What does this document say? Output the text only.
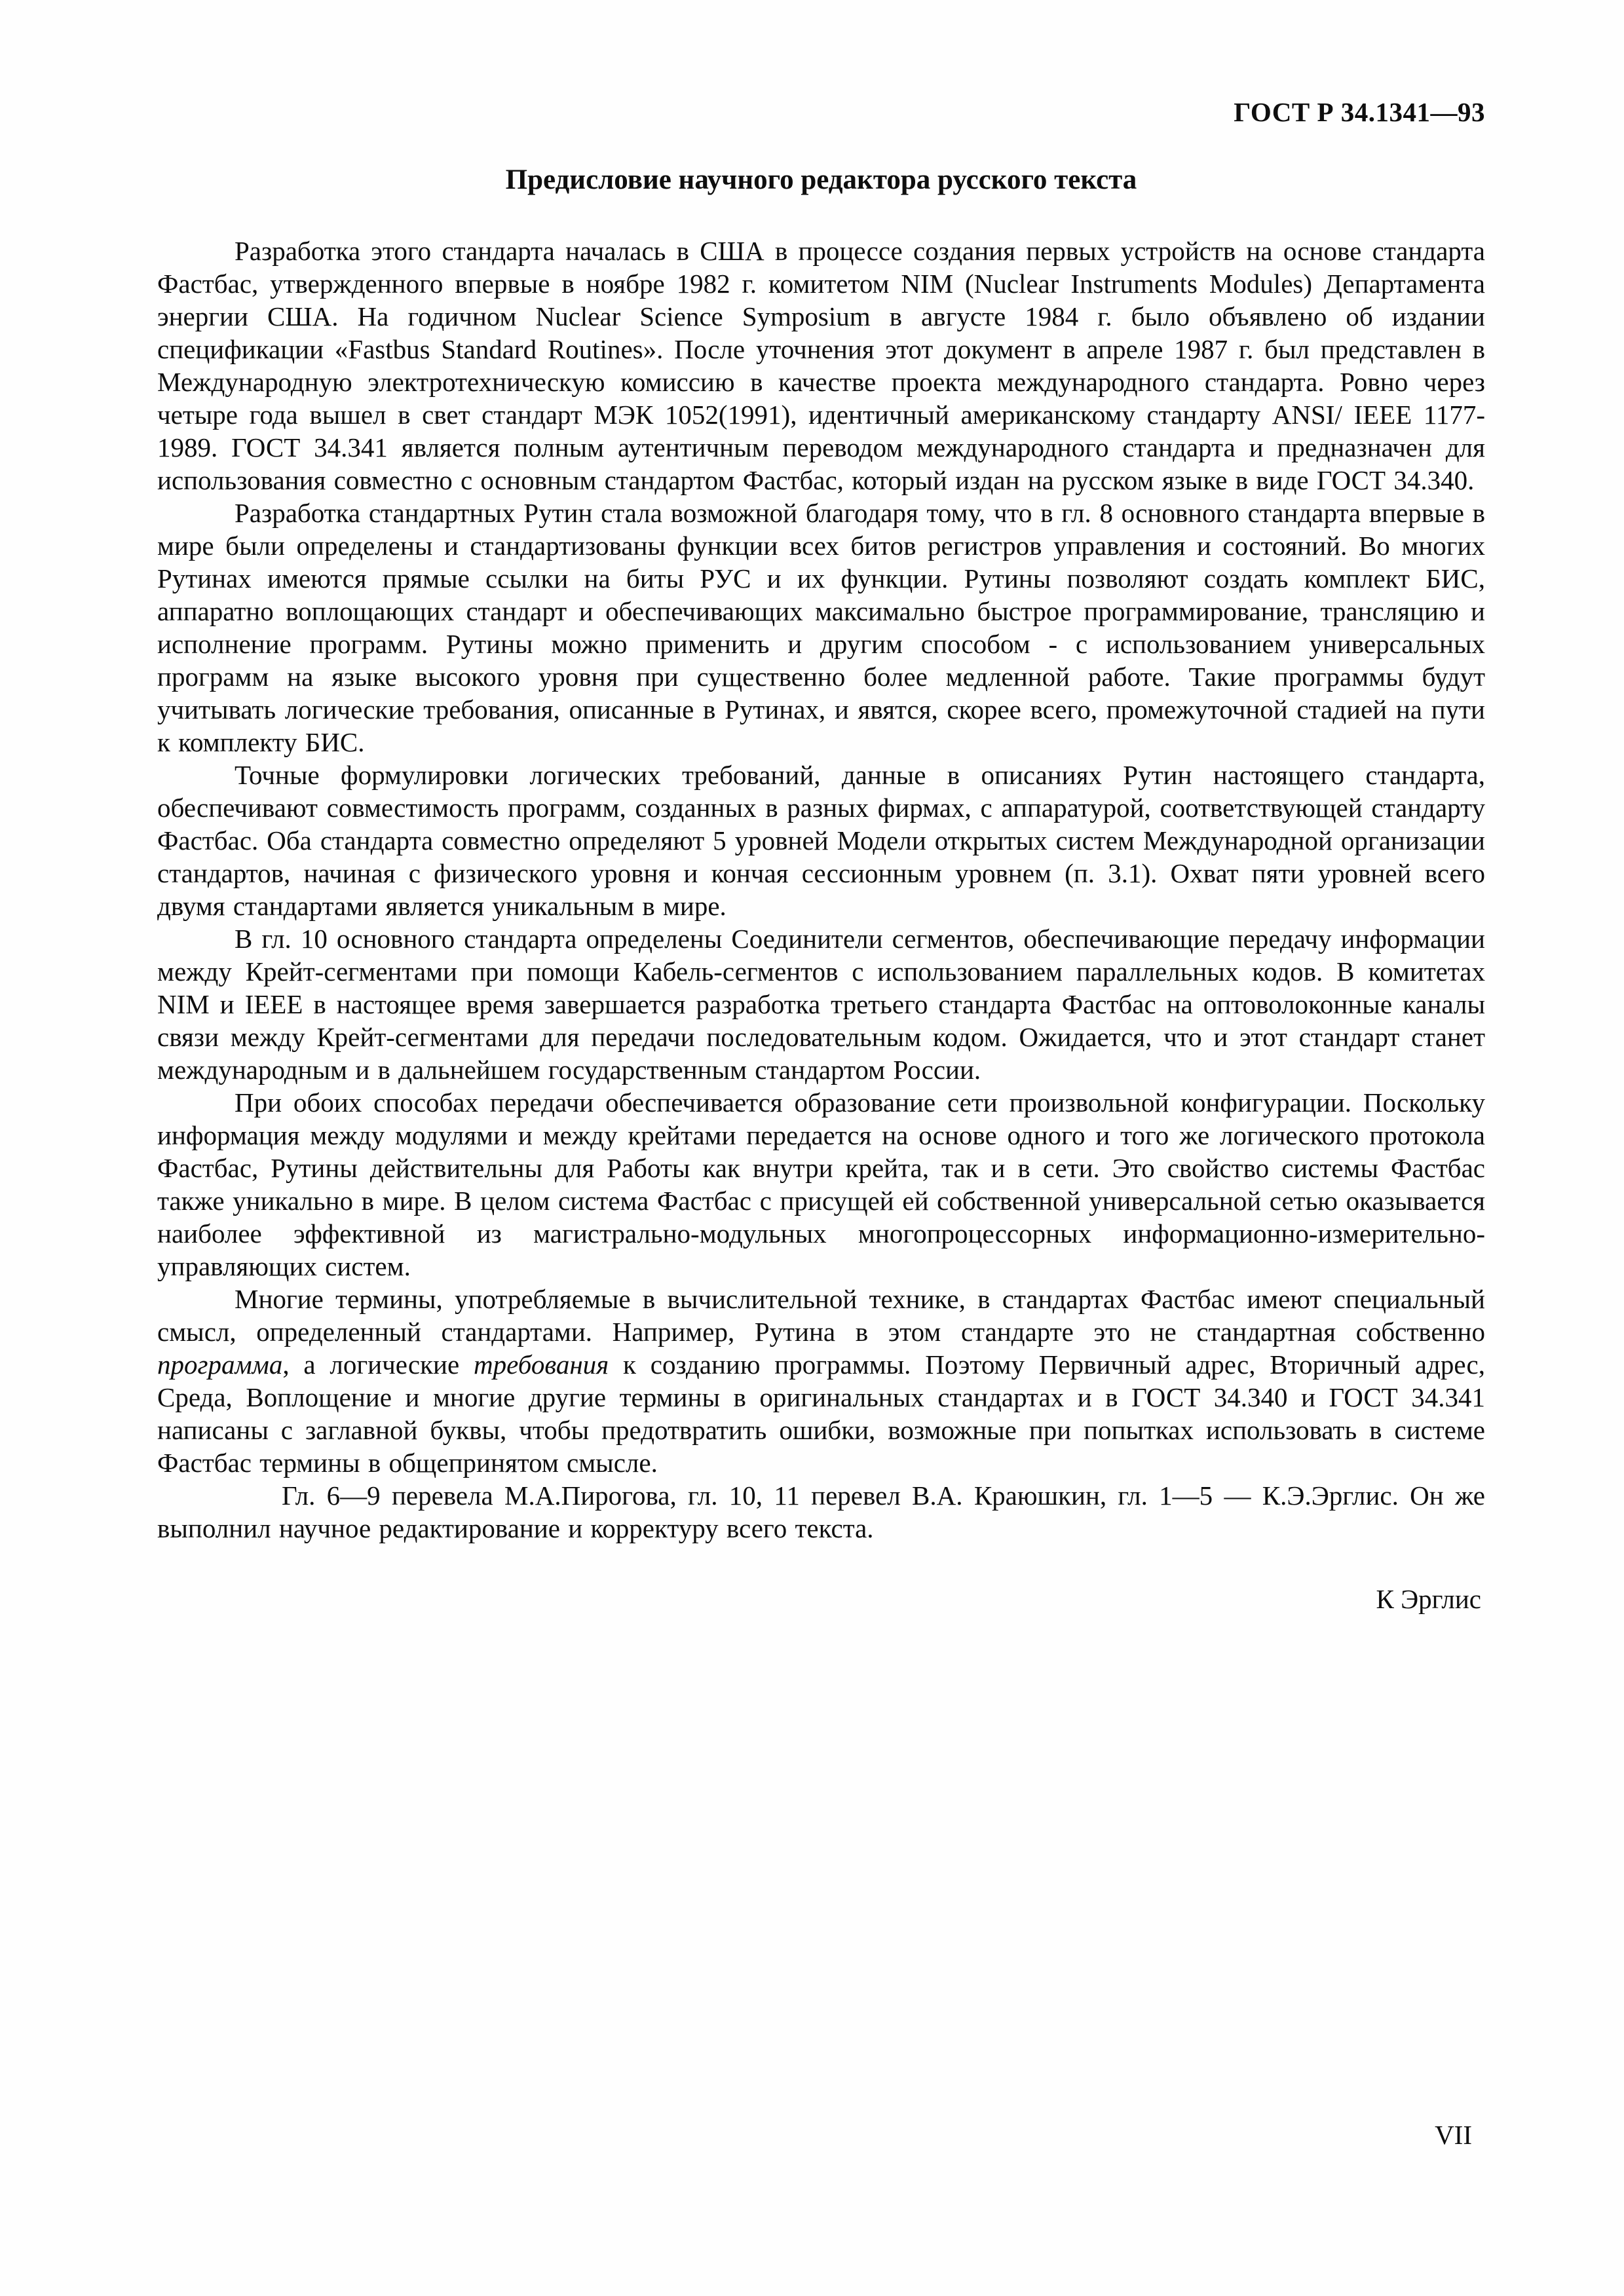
ГОСТ Р 34.1341—93
Предисловие научного редактора русского текста

Разработка этого стандарта началась в США в процессе создания первых устройств на основе стандарта Фастбас, утвержденного впервые в ноябре 1982 г. комитетом NIM (Nuclear Instruments Modules) Департамента энергии США. На годичном Nuclear Science Symposium в августе 1984 г. было объявлено об издании спецификации «Fastbus Standard Routines». После уточнения этот документ в апреле 1987 г. был представлен в Международную электротехническую комиссию в качестве проекта международного стандарта. Ровно через четыре года вышел в свет стандарт МЭК 1052(1991), идентичный американскому стандарту ANSI/ IEEE 1177-1989. ГОСТ 34.341 является полным аутентичным переводом международного стандарта и предназначен для использования совместно с основным стандартом Фастбас, который издан на русском языке в виде ГОСТ 34.340.

Разработка стандартных Рутин стала возможной благодаря тому, что в гл. 8 основного стандарта впервые в мире были определены и стандартизованы функции всех битов регистров управления и состояний. Во многих Рутинах имеются прямые ссылки на биты РУС и их функции. Рутины позволяют создать комплект БИС, аппаратно воплощающих стандарт и обеспечивающих максимально быстрое программирование, трансляцию и исполнение программ. Рутины можно применить и другим способом - с использованием универсальных программ на языке высокого уровня при существенно более медленной работе. Такие программы будут учитывать логические требования, описанные в Рутинах, и явятся, скорее всего, промежуточной стадией на пути к комплекту БИС.

Точные формулировки логических требований, данные в описаниях Рутин настоящего стандарта, обеспечивают совместимость программ, созданных в разных фирмах, с аппаратурой, соответствующей стандарту Фастбас. Оба стандарта совместно определяют 5 уровней Модели открытых систем Международной организации стандартов, начиная с физического уровня и кончая сессионным уровнем (п. 3.1). Охват пяти уровней всего двумя стандартами является уникальным в мире.

В гл. 10 основного стандарта определены Соединители сегментов, обеспечивающие передачу информации между Крейт-сегментами при помощи Кабель-сегментов с использованием параллельных кодов. В комитетах NIM и IEEE в настоящее время завершается разработка третьего стандарта Фастбас на оптоволоконные каналы связи между Крейт-сегментами для передачи последовательным кодом. Ожидается, что и этот стандарт станет международным и в дальнейшем государственным стандартом России.

При обоих способах передачи обеспечивается образование сети произвольной конфигурации. Поскольку информация между модулями и между крейтами передается на основе одного и того же логического протокола Фастбас, Рутины действительны для Работы как внутри крейта, так и в сети. Это свойство системы Фастбас также уникально в мире. В целом система Фастбас с присущей ей собственной универсальной сетью оказывается наиболее эффективной из магистрально-модульных многопроцессорных информационно-измерительно-управляющих систем.

Многие термины, употребляемые в вычислительной технике, в стандартах Фастбас имеют специальный смысл, определенный стандартами. Например, Рутина в этом стандарте это не стандартная собственно программа, а логические требования к созданию программы. Поэтому Первичный адрес, Вторичный адрес, Среда, Воплощение и многие другие термины в оригинальных стандартах и в ГОСТ 34.340 и ГОСТ 34.341 написаны с заглавной буквы, чтобы предотвратить ошибки, возможные при попытках использовать в системе Фастбас термины в общепринятом смысле.

Гл. 6—9 перевела М.А.Пирогова, гл. 10, 11 перевел В.А. Краюшкин, гл. 1—5 — К.Э.Эрглис. Он же выполнил научное редактирование и корректуру всего текста.

К Эрглис
VII
